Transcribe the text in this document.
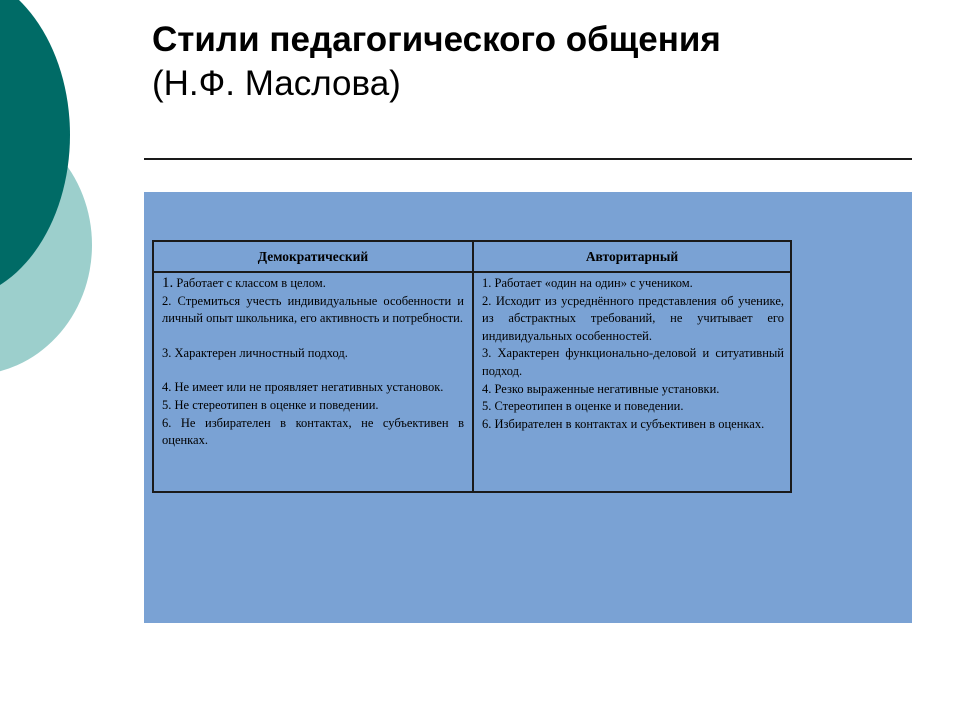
Стили педагогического общения
(Н.Ф. Маслова)
Демократический	Авторитарный

1. Работает с классом в целом.

2. Стремиться учесть индивидуальные особенности и личный опыт школьника, его активность и потребности.

3. Характерен личностный подход.

4. Не имеет или не проявляет негативных установок.

5. Не стереотипен в оценке и поведении.

6. Не избирателен в контактах, не субъективен в оценках.

1. Работает «один на один» с учеником.

2. Исходит из усреднённого представления об ученике, из абстрактных требований, не учитывает его индивидуальных особенностей.

3. Характерен функционально-деловой и ситуативный подход.

4. Резко выраженные негативные установки.

5. Стереотипен в оценке и поведении.

6. Избирателен в контактах и субъективен в оценках.
